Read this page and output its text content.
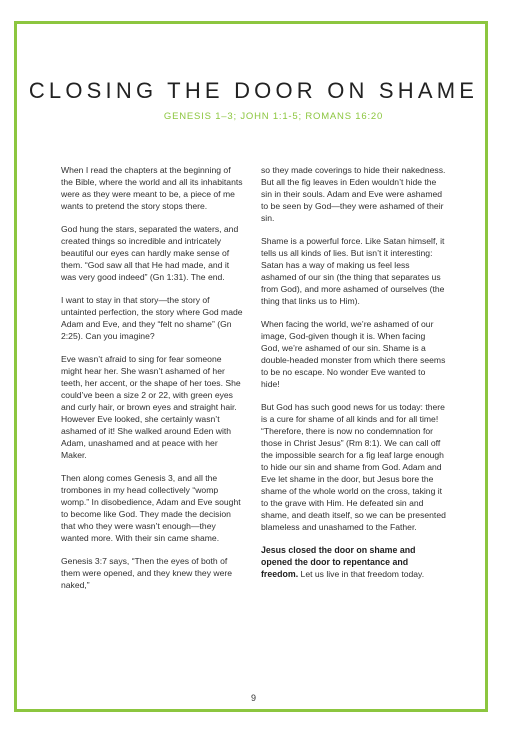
CLOSING THE DOOR ON SHAME
GENESIS 1–3; JOHN 1:1-5; ROMANS 16:20

When I read the chapters at the beginning of the Bible, where the world and all its inhabitants were as they were meant to be, a piece of me wants to pretend the story stops there.

God hung the stars, separated the waters, and created things so incredible and intricately beautiful our eyes can hardly make sense of them. “God saw all that He had made, and it was very good indeed” (Gn 1:31). The end.

I want to stay in that story—the story of untainted perfection, the story where God made Adam and Eve, and they “felt no shame” (Gn 2:25). Can you imagine?

Eve wasn’t afraid to sing for fear someone might hear her. She wasn’t ashamed of her teeth, her accent, or the shape of her toes. She could’ve been a size 2 or 22, with green eyes and curly hair, or brown eyes and straight hair. However Eve looked, she certainly wasn’t ashamed of it! She walked around Eden with Adam, unashamed and at peace with her Maker.

Then along comes Genesis 3, and all the trombones in my head collectively “womp womp.” In disobedience, Adam and Eve sought to become like God. They made the decision that who they were wasn’t enough—they wanted more. With their sin came shame.

Genesis 3:7 says, “Then the eyes of both of them were opened, and they knew they were naked,”

so they made coverings to hide their nakedness. But all the fig leaves in Eden wouldn’t hide the sin in their souls. Adam and Eve were ashamed to be seen by God—they were ashamed of their sin.

Shame is a powerful force. Like Satan himself, it tells us all kinds of lies. But isn’t it interesting: Satan has a way of making us feel less ashamed of our sin (the thing that separates us from God), and more ashamed of ourselves (the thing that links us to Him).

When facing the world, we’re ashamed of our image, God-given though it is. When facing God, we’re ashamed of our sin. Shame is a double-headed monster from which there seems to be no escape. No wonder Eve wanted to hide!

But God has such good news for us today: there is a cure for shame of all kinds and for all time! “Therefore, there is now no condemnation for those in Christ Jesus” (Rm 8:1). We can call off the impossible search for a fig leaf large enough to hide our sin and shame from God. Adam and Eve let shame in the door, but Jesus bore the shame of the whole world on the cross, taking it to the grave with Him. He defeated sin and shame, and death itself, so we can be presented blameless and unashamed to the Father.

Jesus closed the door on shame and opened the door to repentance and freedom. Let us live in that freedom today.

9
